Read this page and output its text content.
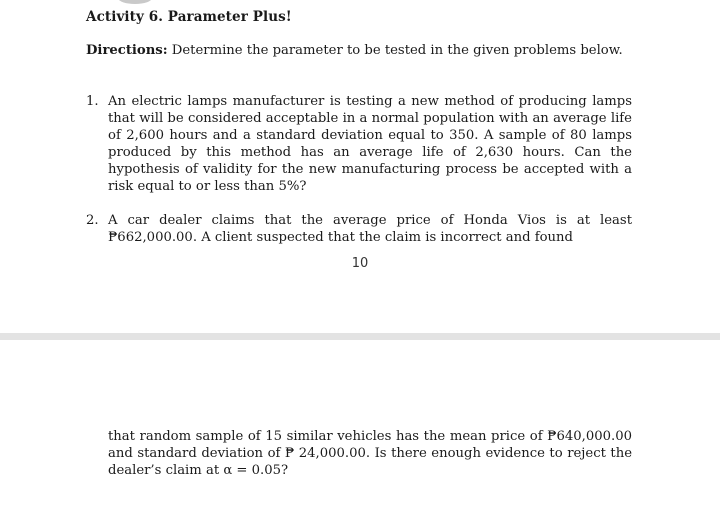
Activity 6. Parameter Plus!
Directions: Determine the parameter to be tested in the given problems below.
1. An electric lamps manufacturer is testing a new method of producing lamps that will be considered acceptable in a normal population with an average life of 2,600 hours and a standard deviation equal to 350. A sample of 80 lamps produced by this method has an average life of 2,630 hours. Can the hypothesis of validity for the new manufacturing process be accepted with a risk equal to or less than 5%?
2. A car dealer claims that the average price of Honda Vios is at least ₱662,000.00. A client suspected that the claim is incorrect and found
10
that random sample of 15 similar vehicles has the mean price of ₱640,000.00 and standard deviation of ₱ 24,000.00. Is there enough evidence to reject the dealer’s claim at α = 0.05?
